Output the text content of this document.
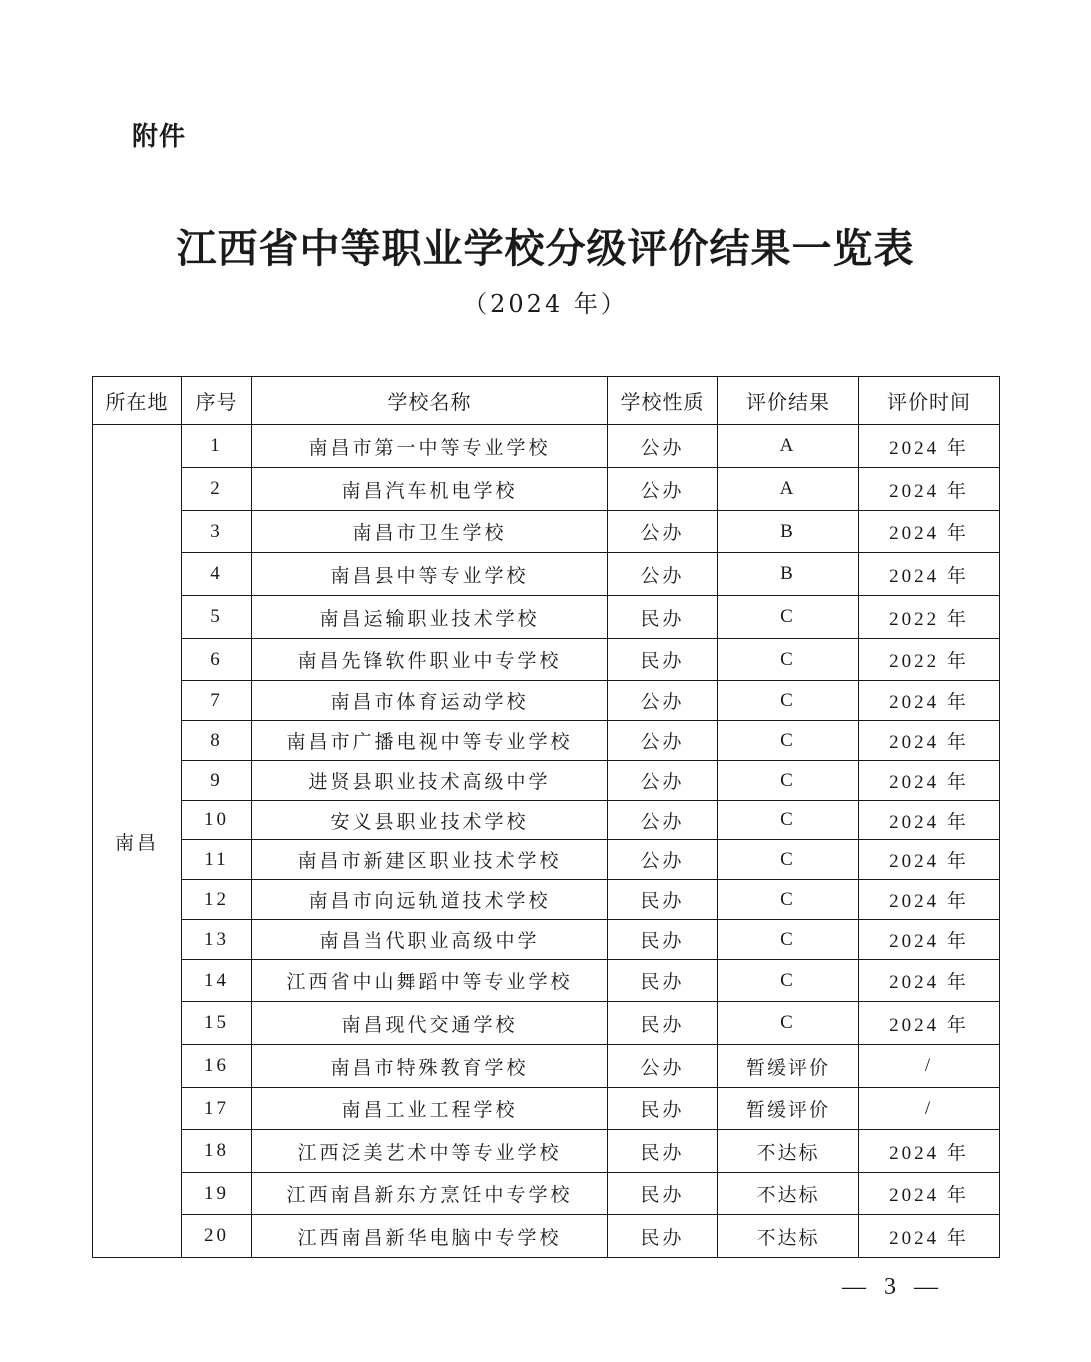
附件
江西省中等职业学校分级评价结果一览表
（2024 年）
所在地	序号	学校名称	学校性质	评价结果	评价时间
南昌	1	南昌市第一中等专业学校	公办	A	2024 年
	2	南昌汽车机电学校	公办	A	2024 年
	3	南昌市卫生学校	公办	B	2024 年
	4	南昌县中等专业学校	公办	B	2024 年
	5	南昌运输职业技术学校	民办	C	2022 年
	6	南昌先锋软件职业中专学校	民办	C	2022 年
	7	南昌市体育运动学校	公办	C	2024 年
	8	南昌市广播电视中等专业学校	公办	C	2024 年
	9	进贤县职业技术高级中学	公办	C	2024 年
	10	安义县职业技术学校	公办	C	2024 年
	11	南昌市新建区职业技术学校	公办	C	2024 年
	12	南昌市向远轨道技术学校	民办	C	2024 年
	13	南昌当代职业高级中学	民办	C	2024 年
	14	江西省中山舞蹈中等专业学校	民办	C	2024 年
	15	南昌现代交通学校	民办	C	2024 年
	16	南昌市特殊教育学校	公办	暂缓评价	/
	17	南昌工业工程学校	民办	暂缓评价	/
	18	江西泛美艺术中等专业学校	民办	不达标	2024 年
	19	江西南昌新东方烹饪中专学校	民办	不达标	2024 年
	20	江西南昌新华电脑中专学校	民办	不达标	2024 年
— 3 —
